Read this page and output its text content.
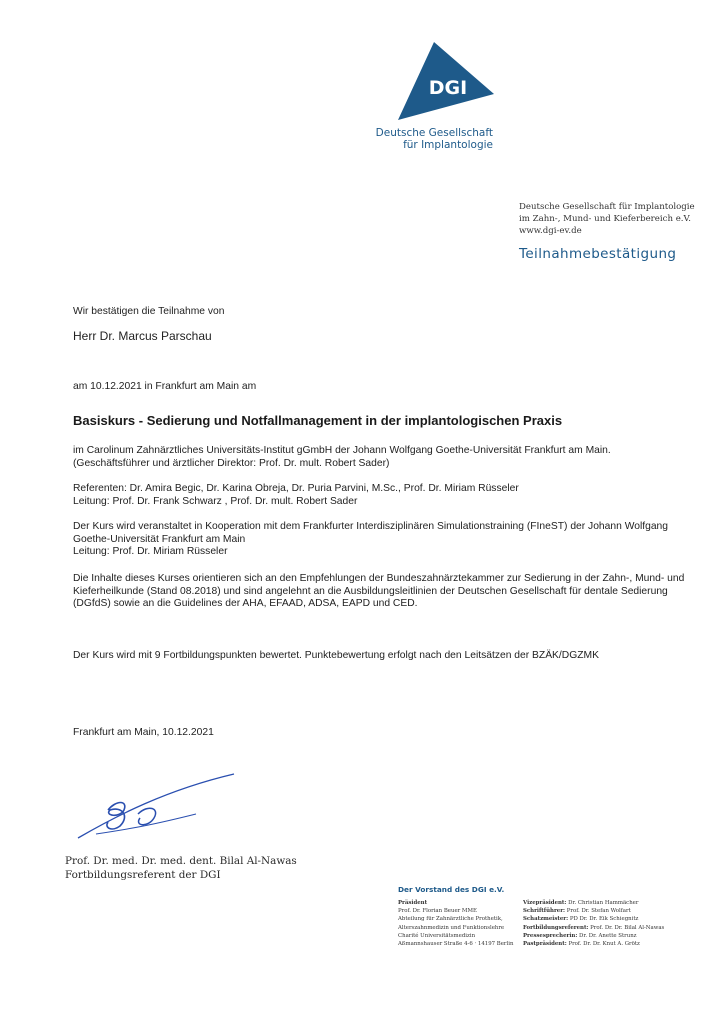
DGI
Deutsche Gesellschaft
für Implantologie
Deutsche Gesellschaft für Implantologie
im Zahn-, Mund- und Kieferbereich e.V.
www.dgi-ev.de
Teilnahmebestätigung
Wir bestätigen die Teilnahme von
Herr Dr. Marcus Parschau
am 10.12.2021 in Frankfurt am Main am
Basiskurs - Sedierung und Notfallmanagement in der implantologischen Praxis
im Carolinum Zahnärztliches Universitäts-Institut gGmbH der Johann Wolfgang Goethe-Universität Frankfurt am Main.
(Geschäftsführer und ärztlicher Direktor: Prof. Dr. mult. Robert Sader)
Referenten: Dr. Amira Begic, Dr. Karina Obreja, Dr. Puria Parvini, M.Sc., Prof. Dr. Miriam Rüsseler
Leitung: Prof. Dr. Frank Schwarz , Prof. Dr. mult. Robert Sader
Der Kurs wird veranstaltet in Kooperation mit dem Frankfurter Interdisziplinären Simulationstraining (FIneST) der Johann Wolfgang
Goethe-Universität Frankfurt am Main
Leitung: Prof. Dr. Miriam Rüsseler
Die Inhalte dieses Kurses orientieren sich an den Empfehlungen der Bundeszahnärztekammer zur Sedierung in der Zahn-, Mund- und
Kieferheilkunde (Stand 08.2018) und sind angelehnt an die Ausbildungsleitlinien der Deutschen Gesellschaft für dentale Sedierung
(DGfdS) sowie an die Guidelines der AHA, EFAAD, ADSA, EAPD und CED.
Der Kurs wird mit 9 Fortbildungspunkten bewertet. Punktebewertung erfolgt nach den Leitsätzen der BZÄK/DGZMK
Frankfurt am Main, 10.12.2021
Prof. Dr. med. Dr. med. dent. Bilal Al-Nawas
Fortbildungsreferent der DGI
Der Vorstand des DGI e.V.
Präsident
Prof. Dr. Florian Beuer MME
Abteilung für Zahnärztliche Prothetik,
Alterszahnmedizin und Funktionslehre
Charité Universitätsmedizin
Aßmannshauser Straße 4-6 · 14197 Berlin
Vizepräsident: Dr. Christian Hammächer
Schriftführer: Prof. Dr. Stefan Wolfart
Schatzmeister: PD Dr. Dr. Eik Schiegnitz
Fortbildungsreferent: Prof. Dr. Dr. Bilal Al-Nawas
Pressesprecherin: Dr. Dr. Anette Strunz
Pastpräsident: Prof. Dr. Dr. Knut A. Grötz
